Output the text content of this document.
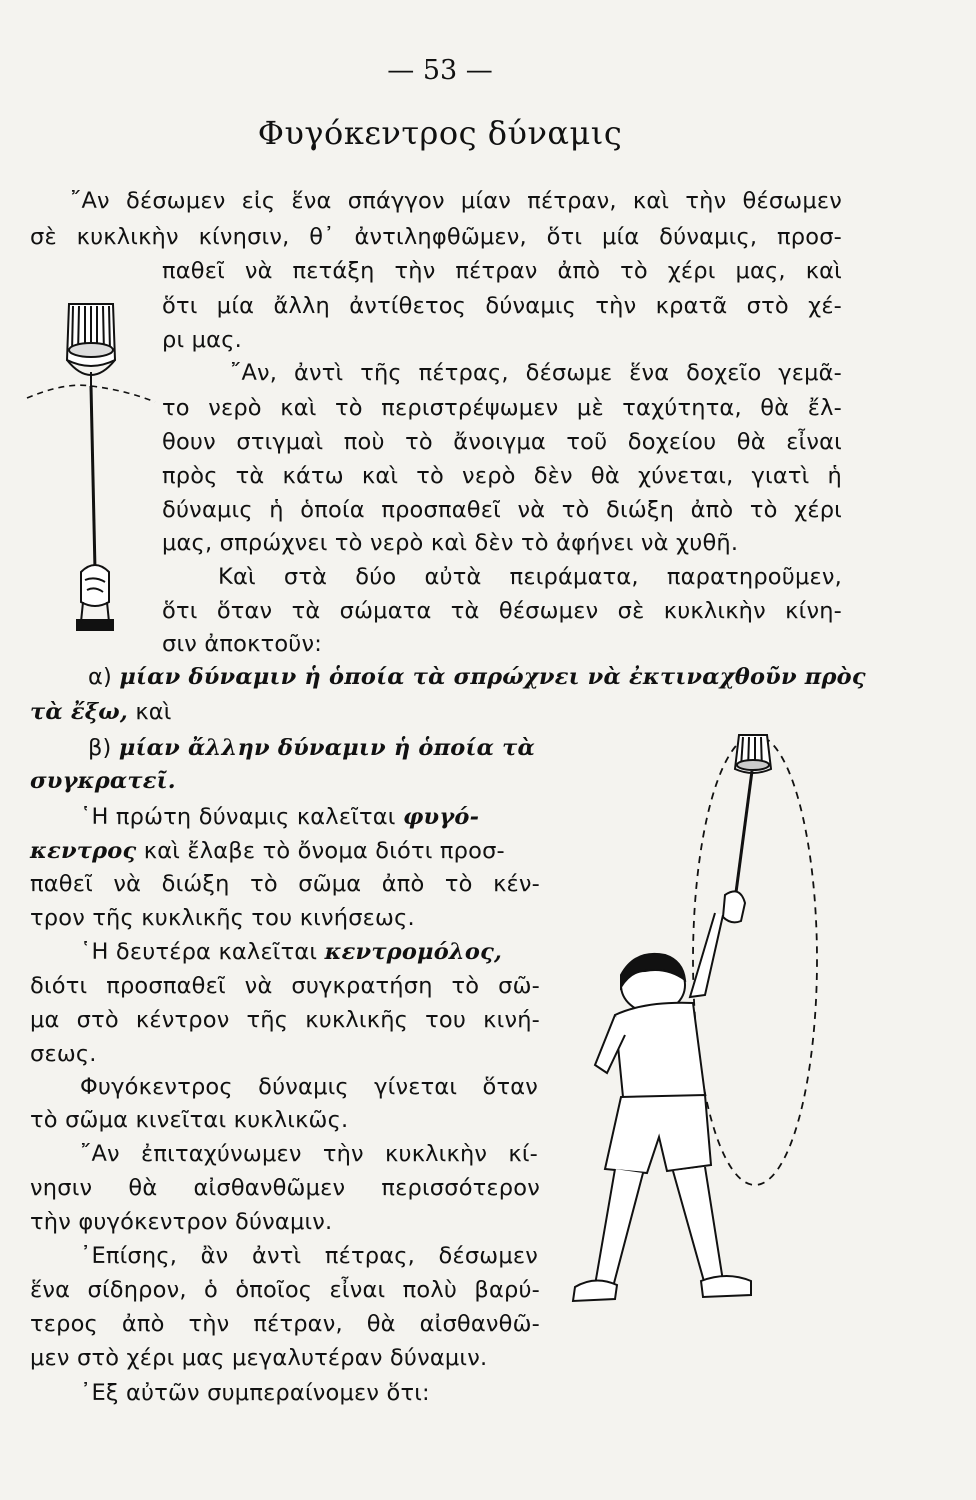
— 53 —
Φυγόκεντρος δύναμις
῎Αν δέσωμεν εἰς ἕνα σπάγγον μίαν πέτραν, καὶ τὴν θέσωμεν
σὲ κυκλικὴν κίνησιν, θ᾽ ἀντιληφθῶμεν, ὅτι μία δύναμις, προσ-
παθεῖ νὰ πετάξη τὴν πέτραν ἀπὸ τὸ χέρι μας, καὶ
ὅτι μία ἄλλη ἀντίθετος δύναμις τὴν κρατᾶ στὸ χέ-
ρι μας.
῎Αν, ἀντὶ τῆς πέτρας, δέσωμε ἕνα δοχεῖο γεμᾶ-
το νερὸ καὶ τὸ περιστρέψωμεν μὲ ταχύτητα, θὰ ἔλ-
θουν στιγμαὶ ποὺ τὸ ἄνοιγμα τοῦ δοχείου θὰ εἶναι
πρὸς τὰ κάτω καὶ τὸ νερὸ δὲν θὰ χύνεται, γιατὶ ἡ
δύναμις ἡ ὁποία προσπαθεῖ νὰ τὸ διώξη ἀπὸ τὸ χέρι
μας, σπρώχνει τὸ νερὸ καὶ δὲν τὸ ἀφήνει νὰ χυθῆ.
Καὶ στὰ δύο αὐτὰ πειράματα, παρατηροῦμεν,
ὅτι ὅταν τὰ σώματα τὰ θέσωμεν σὲ κυκλικὴν κίνη-
σιν ἀποκτοῦν:
α) μίαν δύναμιν ἡ ὁποία τὰ σπρώχνει νὰ ἐκτιναχθοῦν πρὸς
τὰ ἔξω, καὶ
β) μίαν ἄλλην δύναμιν ἡ ὁποία τὰ
συγκρατεῖ.
῾Η πρώτη δύναμις καλεῖται φυγό-
κεντρος καὶ ἔλαβε τὸ ὄνομα διότι προσ-
παθεῖ νὰ διώξη τὸ σῶμα ἀπὸ τὸ κέν-
τρον τῆς κυκλικῆς του κινήσεως.
῾Η δευτέρα καλεῖται κεντρομόλος,
διότι προσπαθεῖ νὰ συγκρατήση τὸ σῶ-
μα στὸ κέντρον τῆς κυκλικῆς του κινή-
σεως.
Φυγόκεντρος δύναμις γίνεται ὅταν
τὸ σῶμα κινεῖται κυκλικῶς.
῎Αν ἐπιταχύνωμεν τὴν κυκλικὴν κί-
νησιν θὰ αἰσθανθῶμεν περισσότερον
τὴν φυγόκεντρον δύναμιν.
᾽Επίσης, ἂν ἀντὶ πέτρας, δέσωμεν
ἕνα σίδηρον, ὁ ὁποῖος εἶναι πολὺ βαρύ-
τερος ἀπὸ τὴν πέτραν, θὰ αἰσθανθῶ-
μεν στὸ χέρι μας μεγαλυτέραν δύναμιν.
᾽Εξ αὐτῶν συμπεραίνομεν ὅτι:
